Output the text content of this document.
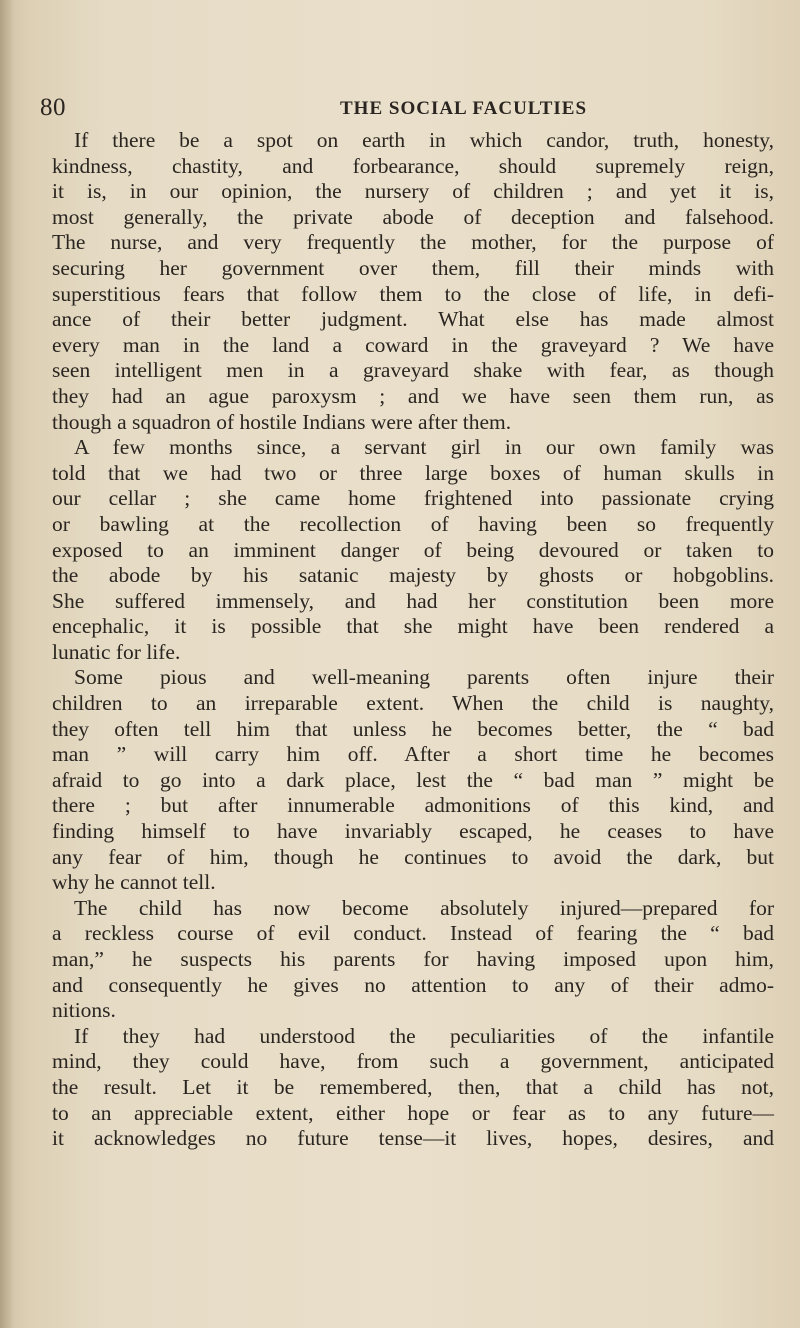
80	THE SOCIAL FACULTIES

If there be a spot on earth in which candor, truth, honesty,
kindness, chastity, and forbearance, should supremely reign,
it is, in our opinion, the nursery of children ; and yet it is,
most generally, the private abode of deception and falsehood.
The nurse, and very frequently the mother, for the purpose of
securing her government over them, fill their minds with
superstitious fears that follow them to the close of life, in defi-
ance of their better judgment. What else has made almost
every man in the land a coward in the graveyard ? We have
seen intelligent men in a graveyard shake with fear, as though
they had an ague paroxysm ; and we have seen them run, as
though a squadron of hostile Indians were after them.

A few months since, a servant girl in our own family was
told that we had two or three large boxes of human skulls in
our cellar ; she came home frightened into passionate crying
or bawling at the recollection of having been so frequently
exposed to an imminent danger of being devoured or taken to
the abode by his satanic majesty by ghosts or hobgoblins.
She suffered immensely, and had her constitution been more
encephalic, it is possible that she might have been rendered a
lunatic for life.

Some pious and well-meaning parents often injure their
children to an irreparable extent. When the child is naughty,
they often tell him that unless he becomes better, the “ bad
man ” will carry him off. After a short time he becomes
afraid to go into a dark place, lest the “ bad man ” might be
there ; but after innumerable admonitions of this kind, and
finding himself to have invariably escaped, he ceases to have
any fear of him, though he continues to avoid the dark, but
why he cannot tell.

The child has now become absolutely injured—prepared for
a reckless course of evil conduct. Instead of fearing the “ bad
man,” he suspects his parents for having imposed upon him,
and consequently he gives no attention to any of their admo-
nitions.

If they had understood the peculiarities of the infantile
mind, they could have, from such a government, anticipated
the result. Let it be remembered, then, that a child has not,
to an appreciable extent, either hope or fear as to any future—
it acknowledges no future tense—it lives, hopes, desires, and
